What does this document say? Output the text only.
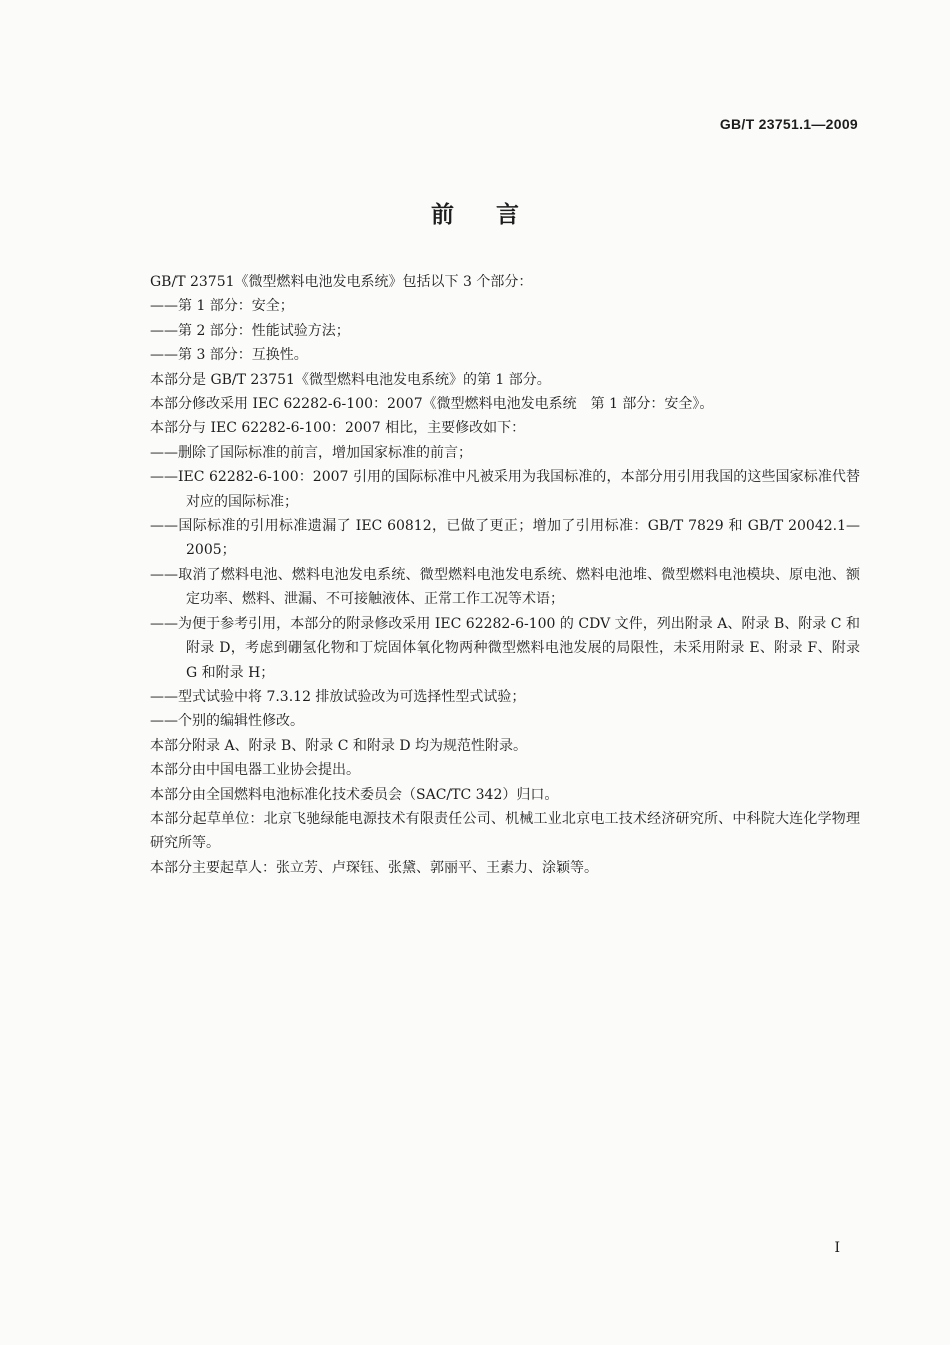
GB/T 23751.1—2009
前言

GB/T 23751《微型燃料电池发电系统》包括以下 3 个部分：

——第 1 部分：安全；

——第 2 部分：性能试验方法；

——第 3 部分：互换性。

本部分是 GB/T 23751《微型燃料电池发电系统》的第 1 部分。

本部分修改采用 IEC 62282-6-100：2007《微型燃料电池发电系统　第 1 部分：安全》。

本部分与 IEC 62282-6-100：2007 相比，主要修改如下：

——删除了国际标准的前言，增加国家标准的前言；

——IEC 62282-6-100：2007 引用的国际标准中凡被采用为我国标准的，本部分用引用我国的这些国家标准代替对应的国际标准；

——国际标准的引用标准遗漏了 IEC 60812，已做了更正；增加了引用标准：GB/T 7829 和 GB/T 20042.1—2005；

——取消了燃料电池、燃料电池发电系统、微型燃料电池发电系统、燃料电池堆、微型燃料电池模块、原电池、额定功率、燃料、泄漏、不可接触液体、正常工作工况等术语；

——为便于参考引用，本部分的附录修改采用 IEC 62282-6-100 的 CDV 文件，列出附录 A、附录 B、附录 C 和附录 D，考虑到硼氢化物和丁烷固体氧化物两种微型燃料电池发展的局限性，未采用附录 E、附录 F、附录 G 和附录 H；

——型式试验中将 7.3.12 排放试验改为可选择性型式试验；

——个别的编辑性修改。

本部分附录 A、附录 B、附录 C 和附录 D 均为规范性附录。

本部分由中国电器工业协会提出。

本部分由全国燃料电池标准化技术委员会（SAC/TC 342）归口。

本部分起草单位：北京飞驰绿能电源技术有限责任公司、机械工业北京电工技术经济研究所、中科院大连化学物理研究所等。

本部分主要起草人：张立芳、卢琛钰、张黛、郭丽平、王素力、涂颖等。

I
